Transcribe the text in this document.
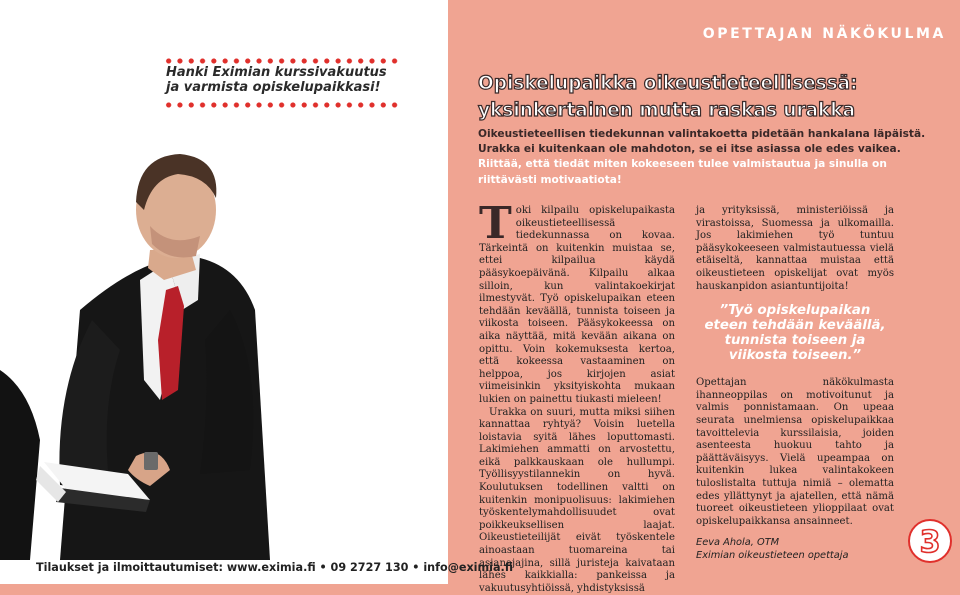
Hanki Eximian kurssivakuutus
ja varmista opiskelupaikkasi!
Tilaukset ja ilmoittautumiset: www.eximia.fi • 09 2727 130 • info@eximia.fi
OPETTAJAN NÄKÖKULMA
Opiskelupaikka oikeustieteellisessä:
yksinkertainen mutta raskas urakka
Oikeustieteellisen tiedekunnan valintakoetta pidetään hankalana läpäistä. Urakka ei kuitenkaan ole mahdoton, se ei itse asiassa ole edes vaikea. Riittää, että tiedät miten kokeeseen tulee valmistautua ja sinulla on riittävästi motivaatiota!

Toki kilpailu opiskelupaikasta oikeustieteellisessä tiedekunnassa on kovaa. Tärkeintä on kuitenkin muistaa se, ettei kilpailua käydä pääsykoepäivänä. Kilpailu alkaa silloin, kun valintakoekirjat ilmestyvät. Työ opiskelupaikan eteen tehdään keväällä, tunnista toiseen ja viikosta toiseen. Pääsykokeessa on aika näyttää, mitä kevään aikana on opittu. Voin kokemuksesta kertoa, että kokeessa vastaaminen on helppoa, jos kirjojen asiat viimeisinkin yksityiskohta mukaan lukien on painettu tiukasti mieleen!

Urakka on suuri, mutta miksi siihen kannattaa ryhtyä? Voisin luetella loistavia syitä lähes loputtomasti. Lakimiehen ammatti on arvostettu, eikä palkkauskaan ole hullumpi. Työllisyystilannekin on hyvä. Koulutuksen todellinen valtti on kuitenkin monipuolisuus: lakimiehen työskentelymahdollisuudet ovat poikkeuksellisen laajat. Oikeustieteilijät eivät työskentele ainoastaan tuomareina tai asianajajina, sillä juristeja kaivataan lähes kaikkialla: pankeissa ja vakuutusyhtiöissä, yhdistyksissä

ja yrityksissä, ministeriöissä ja virastoissa, Suomessa ja ulkomailla. Jos lakimiehen työ tuntuu pääsykokeeseen valmistautuessa vielä etäiseltä, kannattaa muistaa että oikeustieteen opiskelijat ovat myös hauskanpidon asiantuntijoita!

”Työ opiskelupaikan eteen tehdään keväällä, tunnista toiseen ja viikosta toiseen.”

Opettajan näkökulmasta ihanneoppilas on motivoitunut ja valmis ponnistamaan. On upeaa seurata unelmiensa opiskelupaikkaa tavoittelevia kurssilaisia, joiden asenteesta huokuu tahto ja päättäväisyys. Vielä upeampaa on kuitenkin lukea valintakokeen tuloslistalta tuttuja nimiä – olemattа edes yllättynyt ja ajatellen, että nämä tuoreet oikeustieteen ylioppilaat ovat opiskelupaikkansa ansainneet.

Eeva Ahola, OTM
Eximian oikeustieteen opettaja	3
